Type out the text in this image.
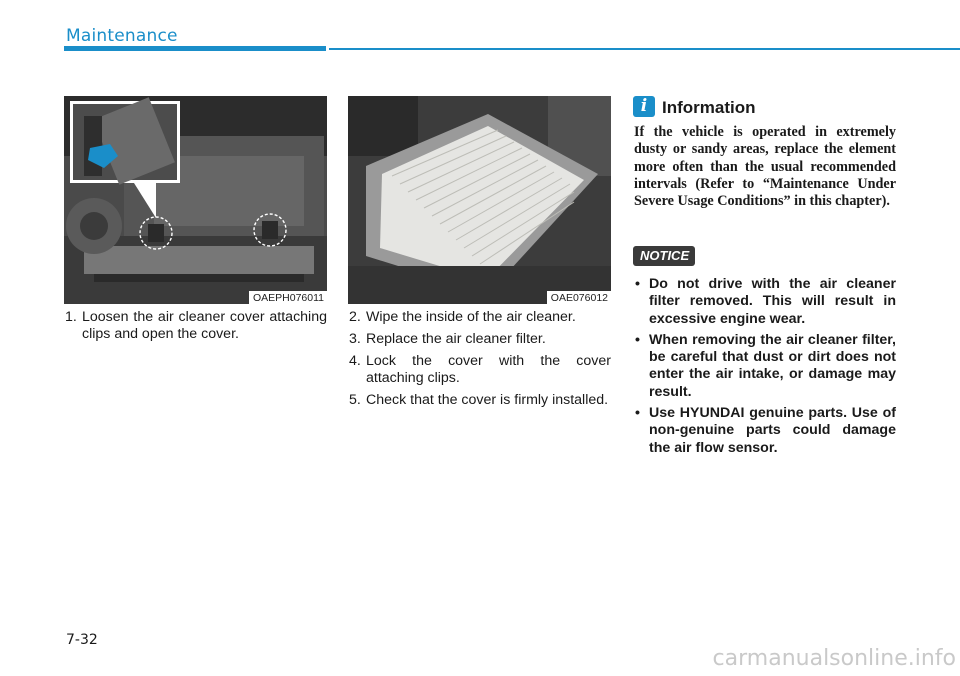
Maintenance
OAEPH076011	OAE076012
1. Loosen the air cleaner cover attaching clips and open the cover.
2. Wipe the inside of the air cleaner.
3. Replace the air cleaner filter.
4. Lock the cover with the cover attaching clips.
5. Check that the cover is firmly installed.
i Information

If the vehicle is operated in extremely dusty or sandy areas, replace the element more often than the usual recommended intervals (Refer to “Maintenance Under Severe Usage Conditions” in this chapter).

NOTICE
• Do not drive with the air cleaner filter removed. This will result in excessive engine wear.
• When removing the air cleaner filter, be careful that dust or dirt does not enter the air intake, or damage may result.
• Use HYUNDAI genuine parts. Use of non-genuine parts could damage the air flow sensor.
7-32
carmanualsonline.info
